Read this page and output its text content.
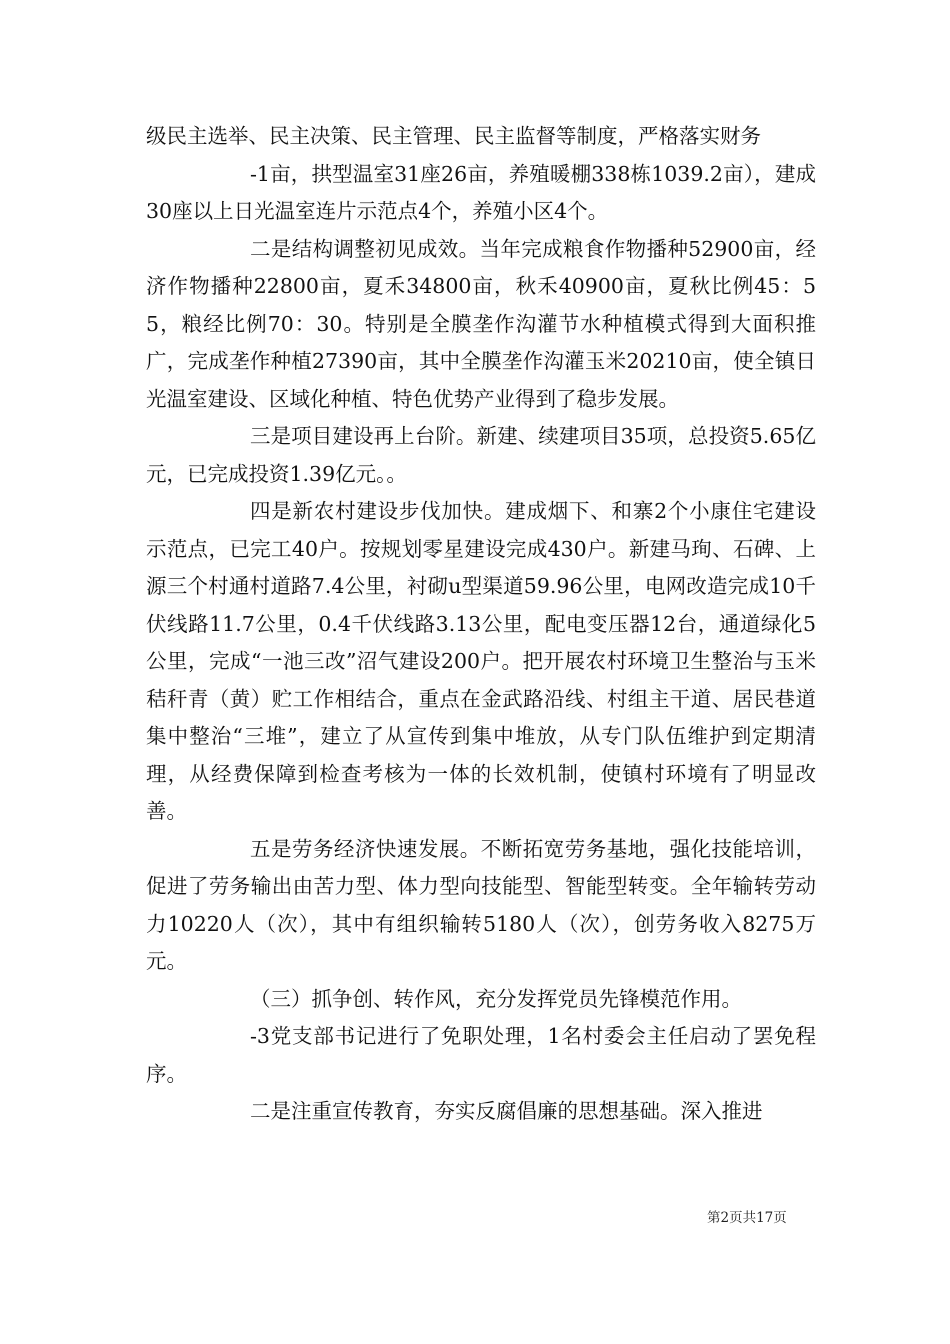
级民主选举、民主决策、民主管理、民主监督等制度，严格落实财务

-1亩，拱型温室31座26亩，养殖暖棚338栋1039.2亩），建成30座以上日光温室连片示范点4个，养殖小区4个。

二是结构调整初见成效。当年完成粮食作物播种52900亩，经济作物播种22800亩，夏禾34800亩，秋禾40900亩，夏秋比例45：55，粮经比例70：30。特别是全膜垄作沟灌节水种植模式得到大面积推广，完成垄作种植27390亩，其中全膜垄作沟灌玉米20210亩，使全镇日光温室建设、区域化种植、特色优势产业得到了稳步发展。

三是项目建设再上台阶。新建、续建项目35项，总投资5.65亿元，已完成投资1.39亿元。。

四是新农村建设步伐加快。建成烟下、和寨2个小康住宅建设示范点，已完工40户。按规划零星建设完成430户。新建马珣、石碑、上源三个村通村道路7.4公里，衬砌u型渠道59.96公里，电网改造完成10千伏线路11.7公里，0.4千伏线路3.13公里，配电变压器12台，通道绿化5公里，完成“一池三改”沼气建设200户。把开展农村环境卫生整治与玉米秸秆青（黄）贮工作相结合，重点在金武路沿线、村组主干道、居民巷道集中整治“三堆”，建立了从宣传到集中堆放，从专门队伍维护到定期清理，从经费保障到检查考核为一体的长效机制，使镇村环境有了明显改善。

五是劳务经济快速发展。不断拓宽劳务基地，强化技能培训，促进了劳务输出由苦力型、体力型向技能型、智能型转变。全年输转劳动力10220人（次），其中有组织输转5180人（次），创劳务收入8275万元。

（三）抓争创、转作风，充分发挥党员先锋模范作用。

-3党支部书记进行了免职处理，1名村委会主任启动了罢免程序。

二是注重宣传教育，夯实反腐倡廉的思想基础。深入推进

第2页共17页
